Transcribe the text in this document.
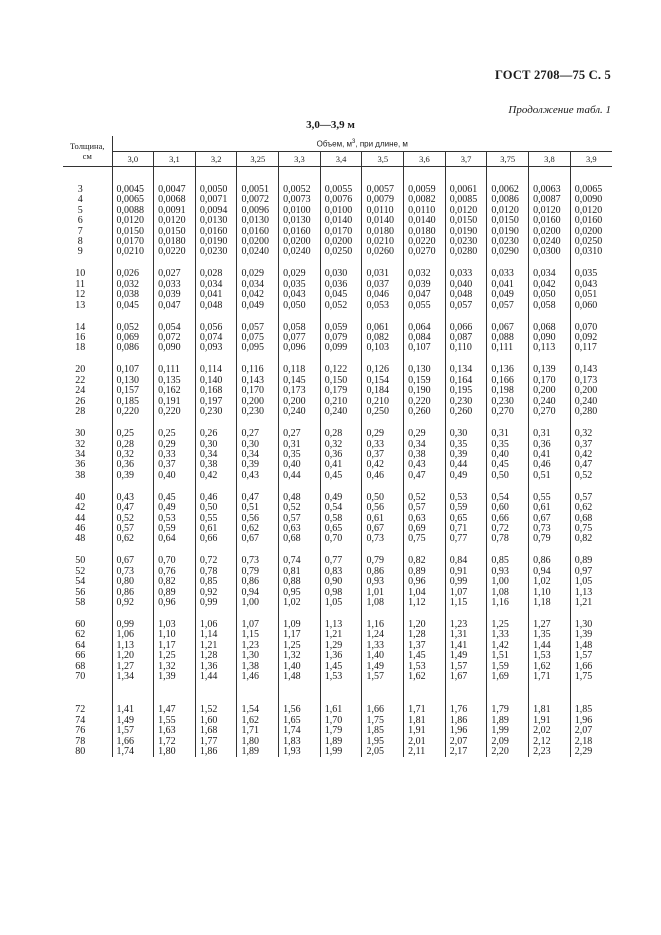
ГОСТ 2708—75 С. 5
Продолжение табл. 1
3,0—3,9 м
Толщина,
см	Объем, $м^3$, при длине, м											
	3,0	3,1	3,2	3,25	3,3	3,4	3,5	3,6	3,7	3,75	3,8	3,9

3	0,0045	0,0047	0,0050	0,0051	0,0052	0,0055	0,0057	0,0059	0,0061	0,0062	0,0063	0,0065
4	0,0065	0,0068	0,0071	0,0072	0,0073	0,0076	0,0079	0,0082	0,0085	0,0086	0,0087	0,0090
5	0,0088	0,0091	0,0094	0,0096	0,0100	0,0100	0,0110	0,0110	0,0120	0,0120	0,0120	0,0120
6	0,0120	0,0120	0,0130	0,0130	0,0130	0,0140	0,0140	0,0140	0,0150	0,0150	0,0160	0,0160
7	0,0150	0,0150	0,0160	0,0160	0,0160	0,0170	0,0180	0,0180	0,0190	0,0190	0,0200	0,0200
8	0,0170	0,0180	0,0190	0,0200	0,0200	0,0200	0,0210	0,0220	0,0230	0,0230	0,0240	0,0250
9	0,0210	0,0220	0,0230	0,0240	0,0240	0,0250	0,0260	0,0270	0,0280	0,0290	0,0300	0,0310

10	0,026	0,027	0,028	0,029	0,029	0,030	0,031	0,032	0,033	0,033	0,034	0,035
11	0,032	0,033	0,034	0,034	0,035	0,036	0,037	0,039	0,040	0,041	0,042	0,043
12	0,038	0,039	0,041	0,042	0,043	0,045	0,046	0,047	0,048	0,049	0,050	0,051
13	0,045	0,047	0,048	0,049	0,050	0,052	0,053	0,055	0,057	0,057	0,058	0,060

14	0,052	0,054	0,056	0,057	0,058	0,059	0,061	0,064	0,066	0,067	0,068	0,070
16	0,069	0,072	0,074	0,075	0,077	0,079	0,082	0,084	0,087	0,088	0,090	0,092
18	0,086	0,090	0,093	0,095	0,096	0,099	0,103	0,107	0,110	0,111	0,113	0,117

20	0,107	0,111	0,114	0,116	0,118	0,122	0,126	0,130	0,134	0,136	0,139	0,143
22	0,130	0,135	0,140	0,143	0,145	0,150	0,154	0,159	0,164	0,166	0,170	0,173
24	0,157	0,162	0,168	0,170	0,173	0,179	0,184	0,190	0,195	0,198	0,200	0,200
26	0,185	0,191	0,197	0,200	0,200	0,210	0,210	0,220	0,230	0,230	0,240	0,240
28	0,220	0,220	0,230	0,230	0,240	0,240	0,250	0,260	0,260	0,270	0,270	0,280

30	0,25	0,25	0,26	0,27	0,27	0,28	0,29	0,29	0,30	0,31	0,31	0,32
32	0,28	0,29	0,30	0,30	0,31	0,32	0,33	0,34	0,35	0,35	0,36	0,37
34	0,32	0,33	0,34	0,34	0,35	0,36	0,37	0,38	0,39	0,40	0,41	0,42
36	0,36	0,37	0,38	0,39	0,40	0,41	0,42	0,43	0,44	0,45	0,46	0,47
38	0,39	0,40	0,42	0,43	0,44	0,45	0,46	0,47	0,49	0,50	0,51	0,52

40	0,43	0,45	0,46	0,47	0,48	0,49	0,50	0,52	0,53	0,54	0,55	0,57
42	0,47	0,49	0,50	0,51	0,52	0,54	0,56	0,57	0,59	0,60	0,61	0,62
44	0,52	0,53	0,55	0,56	0,57	0,58	0,61	0,63	0,65	0,66	0,67	0,68
46	0,57	0,59	0,61	0,62	0,63	0,65	0,67	0,69	0,71	0,72	0,73	0,75
48	0,62	0,64	0,66	0,67	0,68	0,70	0,73	0,75	0,77	0,78	0,79	0,82

50	0,67	0,70	0,72	0,73	0,74	0,77	0,79	0,82	0,84	0,85	0,86	0,89
52	0,73	0,76	0,78	0,79	0,81	0,83	0,86	0,89	0,91	0,93	0,94	0,97
54	0,80	0,82	0,85	0,86	0,88	0,90	0,93	0,96	0,99	1,00	1,02	1,05
56	0,86	0,89	0,92	0,94	0,95	0,98	1,01	1,04	1,07	1,08	1,10	1,13
58	0,92	0,96	0,99	1,00	1,02	1,05	1,08	1,12	1,15	1,16	1,18	1,21

60	0,99	1,03	1,06	1,07	1,09	1,13	1,16	1,20	1,23	1,25	1,27	1,30
62	1,06	1,10	1,14	1,15	1,17	1,21	1,24	1,28	1,31	1,33	1,35	1,39
64	1,13	1,17	1,21	1,23	1,25	1,29	1,33	1,37	1,41	1,42	1,44	1,48
66	1,20	1,25	1,28	1,30	1,32	1,36	1,40	1,45	1,49	1,51	1,53	1,57
68	1,27	1,32	1,36	1,38	1,40	1,45	1,49	1,53	1,57	1,59	1,62	1,66
70	1,34	1,39	1,44	1,46	1,48	1,53	1,57	1,62	1,67	1,69	1,71	1,75

72	1,41	1,47	1,52	1,54	1,56	1,61	1,66	1,71	1,76	1,79	1,81	1,85
74	1,49	1,55	1,60	1,62	1,65	1,70	1,75	1,81	1,86	1,89	1,91	1,96
76	1,57	1,63	1,68	1,71	1,74	1,79	1,85	1,91	1,96	1,99	2,02	2,07
78	1,66	1,72	1,77	1,80	1,83	1,89	1,95	2,01	2,07	2,09	2,12	2,18
80	1,74	1,80	1,86	1,89	1,93	1,99	2,05	2,11	2,17	2,20	2,23	2,29
